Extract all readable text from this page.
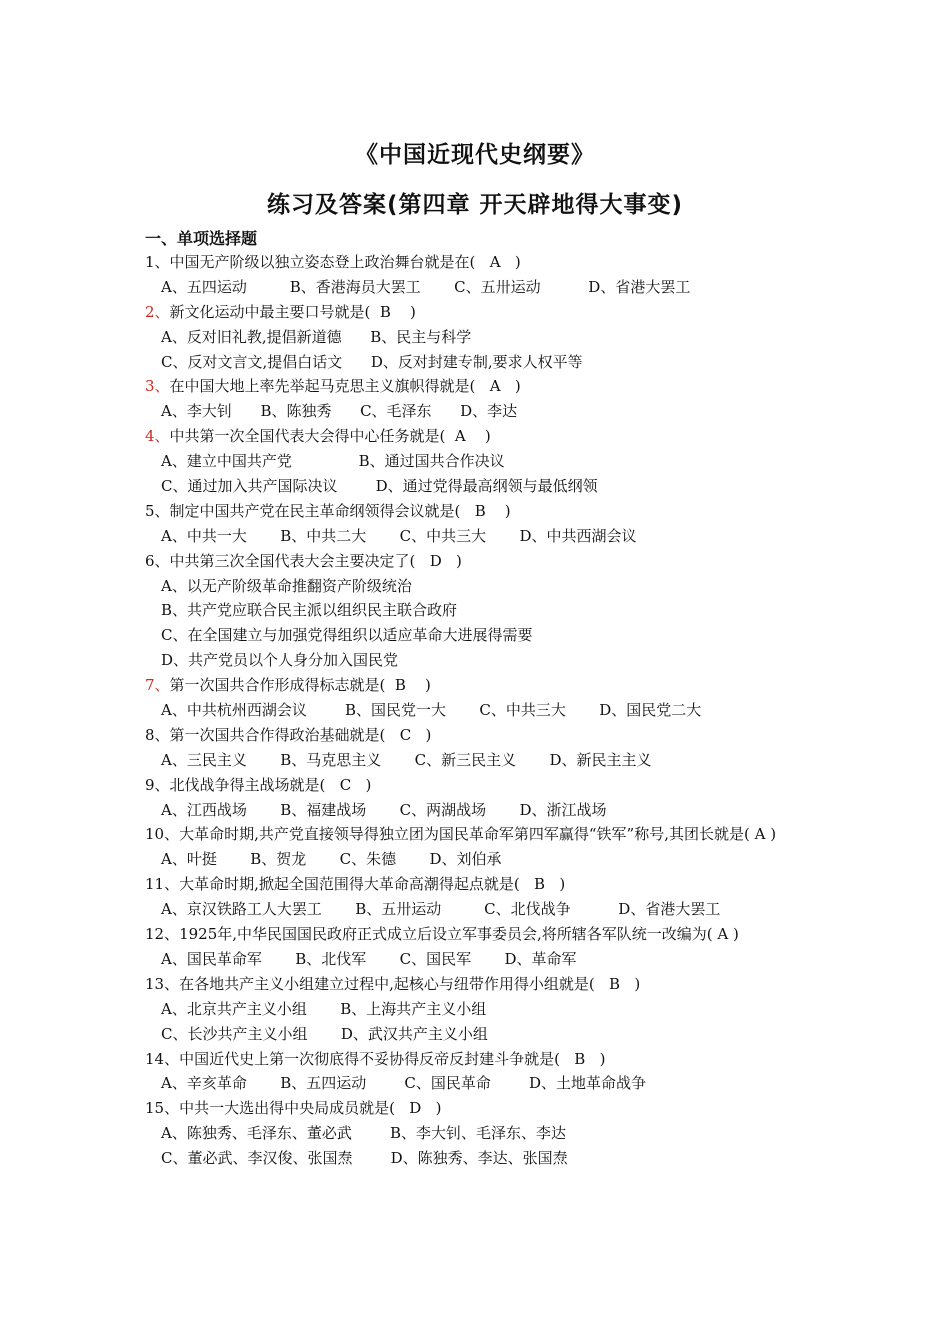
《中国近现代史纲要》
练习及答案(第四章 开天辟地得大事变)
一、单项选择题
1、中国无产阶级以独立姿态登上政治舞台就是在(   A   )
A、五四运动         B、香港海员大罢工       C、五卅运动          D、省港大罢工
2、新文化运动中最主要口号就是(  B    )
A、反对旧礼教,提倡新道德      B、民主与科学
C、反对文言文,提倡白话文      D、反对封建专制,要求人权平等
3、在中国大地上率先举起马克思主义旗帜得就是(   A   )
A、李大钊      B、陈独秀      C、毛泽东      D、李达
4、中共第一次全国代表大会得中心任务就是(  A    )
A、建立中国共产党              B、通过国共合作决议
C、通过加入共产国际决议        D、通过党得最高纲领与最低纲领
5、制定中国共产党在民主革命纲领得会议就是(   B    )
A、中共一大       B、中共二大       C、中共三大       D、中共西湖会议
6、中共第三次全国代表大会主要决定了(   D   )
A、以无产阶级革命推翻资产阶级统治
B、共产党应联合民主派以组织民主联合政府
C、在全国建立与加强党得组织以适应革命大进展得需要
D、共产党员以个人身分加入国民党
7、第一次国共合作形成得标志就是(  B    )
A、中共杭州西湖会议        B、国民党一大       C、中共三大       D、国民党二大
8、第一次国共合作得政治基础就是(   C   )
A、三民主义       B、马克思主义       C、新三民主义       D、新民主主义
9、北伐战争得主战场就是(   C   )
A、江西战场       B、福建战场       C、两湖战场       D、浙江战场
10、大革命时期,共产党直接领导得独立团为国民革命军第四军赢得“铁军”称号,其团长就是( A )
A、叶挺       B、贺龙       C、朱德       D、刘伯承
11、大革命时期,掀起全国范围得大革命高潮得起点就是(   B   )
A、京汉铁路工人大罢工       B、五卅运动         C、北伐战争          D、省港大罢工
12、1925年,中华民国国民政府正式成立后设立军事委员会,将所辖各军队统一改编为( A )
A、国民革命军       B、北伐军       C、国民军       D、革命军
13、在各地共产主义小组建立过程中,起核心与纽带作用得小组就是(   B   )
A、北京共产主义小组       B、上海共产主义小组
C、长沙共产主义小组       D、武汉共产主义小组
14、中国近代史上第一次彻底得不妥协得反帝反封建斗争就是(   B   )
A、辛亥革命       B、五四运动        C、国民革命        D、土地革命战争
15、中共一大选出得中央局成员就是(   D   )
A、陈独秀、毛泽东、董必武        B、李大钊、毛泽东、李达
C、董必武、李汉俊、张国焘        D、陈独秀、李达、张国焘
